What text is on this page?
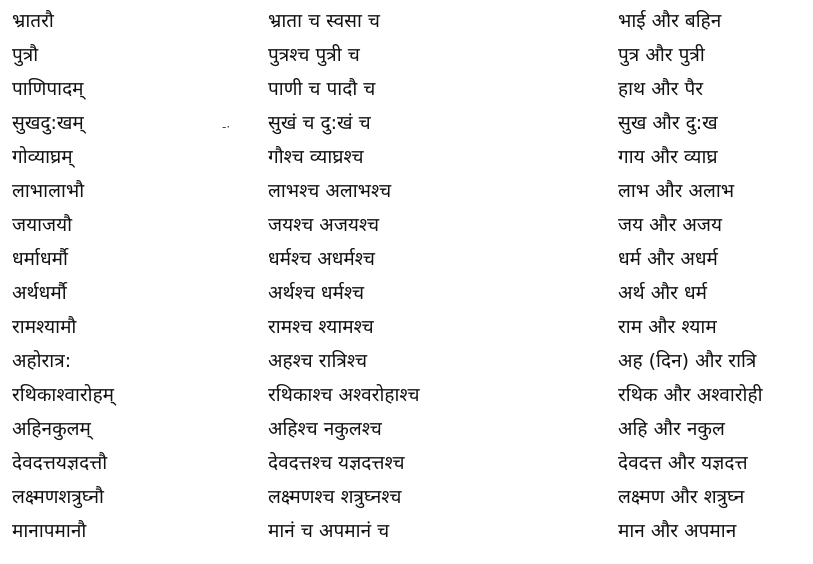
भ्रातरौ	भ्राता च स्वसा च	भाई और बहिन
पुत्रौ	पुत्रश्च पुत्री च	पुत्र और पुत्री
पाणिपादम्	पाणी च पादौ च	हाथ और पैर
सुखदु:खम्	सुखं च दु:खं च	सुख और दु:ख
गोव्याघ्रम्	गौश्च व्याघ्रश्च	गाय और व्याघ्र
लाभालाभौ	लाभश्च अलाभश्च	लाभ और अलाभ
जयाजयौ	जयश्च अजयश्च	जय और अजय
धर्माधर्मौ	धर्मश्च अधर्मश्च	धर्म और अधर्म
अर्थधर्मौ	अर्थश्च धर्मश्च	अर्थ और धर्म
रामश्यामौ	रामश्च श्यामश्च	राम और श्याम
अहोरात्र:	अहश्च रात्रिश्च	अह (दिन) और रात्रि
रथिकाश्वारोहम्	रथिकाश्च अश्वरोहाश्च	रथिक और अश्वारोही
अहिनकुलम्	अहिश्च नकुलश्च	अहि और नकुल
देवदत्तयज्ञदत्तौ	देवदत्तश्च यज्ञदत्तश्च	देवदत्त और यज्ञदत्त
लक्ष्मणशत्रुघ्नौ	लक्ष्मणश्च शत्रुघ्नश्च	लक्ष्मण और शत्रुघ्न
मानापमानौ	मानं च अपमानं च	मान और अपमान
-·
